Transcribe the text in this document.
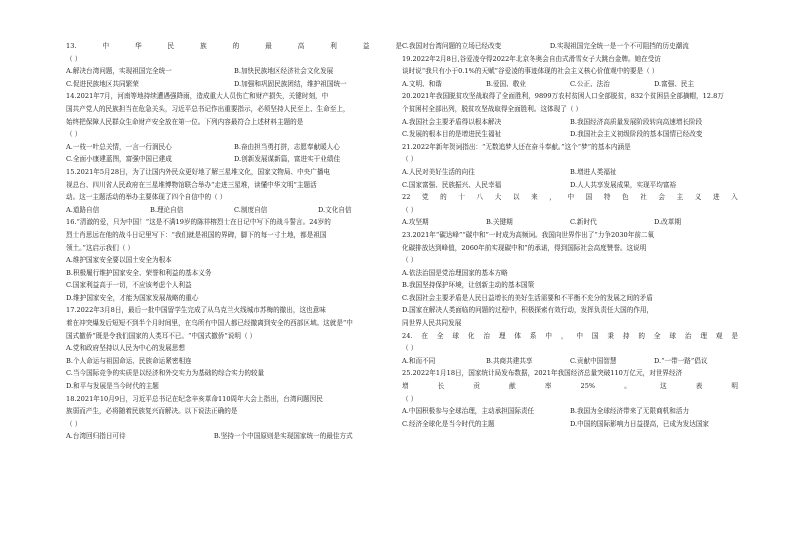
13.	中	华	民	族	的	最	高	利	益	是
（ ）
A.解决台湾问题，实现祖国完全统一	B.加快民族地区经济社会文化发展
C.促进民族地区共同繁荣	D.加强和巩固民族团结，维护祖国统一
14.2021年7月，河南等地持续遭遇强降雨，造成重大人员伤亡和财产损失，关键时刻，中
国共产党人的民族担当在危急关头，习近平总书记作出重要指示，必须坚持人民至上、生命至上，
始终把保障人民群众生命财产安全放在第一位。下列内容最符合上述材料主题的是
（ ）
A.一枝一叶总关情，一言一行润民心	B.奋由担当勇打拼，志愿奉献暖人心
C.全面小康建蓝图，富强中国已建成	D.创新发展谋新篇，富进实干业绩佳
15.2021年5月28日，为了让国内外民众更好地了解三星堆文化，国家文物局、中央广播电
视总台、四川省人民政府在三星堆博物馆联合举办“走进三星堆，读懂中华文明”主题活
动。这一主题活动的举办主要体现了四个自信中的（ ）
A.道路自信	B.理论自信	C.制度自信	D.文化自信
16.“清澈的爱，只为中国！”这是不满19岁的陈祥榕烈士在日记中写下的战斗誓言。24岁的
烈士肖思远在他的战斗日记里写下：“我们就是祖国的界碑，脚下的每一寸土地，都是祖国
领土。”这启示我们（ ）
A.维护国家安全要以国土安全为根本
B.积极履行维护国家安全、荣誉和利益的基本义务
C.国家利益高于一切，不应该考虑个人利益
D.维护国家安全，才能为国家发展战略的重心
17.2022年3月8日，最后一批中国留学生完成了从乌克兰火线城市苏梅的撤出，这也意味
着在冲突爆发后短短不到半个月时间里，在乌所有中国人都已经撤离到安全的西部区域。这就是“中
国式撤侨”既是令我们国家的人类耳不已。“中国式撤侨”说明（ ）
A.党和政府坚持以人民为中心的发展思想
B.个人命运与祖国命运、民族命运紧密相连
C.当今国际竞争的实质是以经济和外交实力为基础的综合实力的较量
D.和平与发展是当今时代的主题
18.2021年10月9日，习近平总书记在纪念辛亥革命110周年大会上指出，台湾问题因民
族弱而产生，必将随着民族复兴而解决。以下说法正确的是
（ ）
A.台湾回归指日可待	B.坚持一个中国原则是实现国家统一的最佳方式
C.我国对台湾问题的立场已经改变	D.实现祖国完全统一是一个不可阻挡的历史潮流
19.2022年2月8日,谷爱凌夺得2022年北京冬奥会自由式滑雪女子大跳台金牌。她在受访
谈时说“我只有小于0.1%的天赋”谷爱凌的事迹体现的社会主义核心价值观中的要是（ ）
A.文明、和谐	B.爱国、敬业	C.公正、法治	D.富强、民主
20.2021年我国脱贫攻坚战取得了全面胜利，9899万农村贫困人口全部脱贫，832个贫困县全部摘帽，12.8万
个贫困村全部出列，脱贫攻坚战取得全面胜利。这体现了（ ）
A.我国社会主要矛盾得以根本解决	B.我国经济高质量发展阶段转向高速增长阶段
C.发展的根本目的是增进民生福祉	D.我国社会主义初级阶段的基本国情已经改变
21.2022年新年贺词指出：“无数追梦人还在奋斗奉献。”这个“梦”的基本内涵是
（ ）
A.人民对美好生活的向往	B.增进人类福祉
C.国家富强、民族振兴、人民幸福	D.人人共享发展成果，实现平均富裕
22 党 的 十 八 大 以 来 ， 中 国 特 色 社 会 主 义 进 入
（ ）
A.攻坚期	B.关键期	C.新时代	D.改革期
23.2021年“碳达峰”“碳中和”一时成为高频词。我国向世界作出了“力争2030年前二氧
化碳排放达到峰值，2060年前实现碳中和”的承诺，得到国际社会高度赞誉。这说明
（ ）
A.依法治国是党治理国家的基本方略
B.我国坚持保护环境，让创新主动的基本国策
C.我国社会主要矛盾是人民日益增长的美好生活需要和不平衡不充分的发展之间的矛盾
D.国家在解决人类面临的问题的过程中，积极探索有效行动，发挥负责任大国的作用，
同世界人民共同发展
24. 在 全 球 化 治 理 体 系 中 ， 中 国 秉 持 的 全 球 治 理 观 是
（ ）
A.和而不同	B.共商共建共享	C.贡献中国智慧	D.“一带一路”倡议
25.2022年1月18日，国家统计局发布数据，2021年我国经济总量突破110万亿元，对世界经济
增	长	贡	献	率	25%	。	这	表	明
（ ）
A.中国积极参与全球治理，主动承担国际责任	B.我国为全球经济带来了无限商机和活力
C.经济全球化是当今时代的主题	D.中国的国际影响力日益提高，已成为发达国家
